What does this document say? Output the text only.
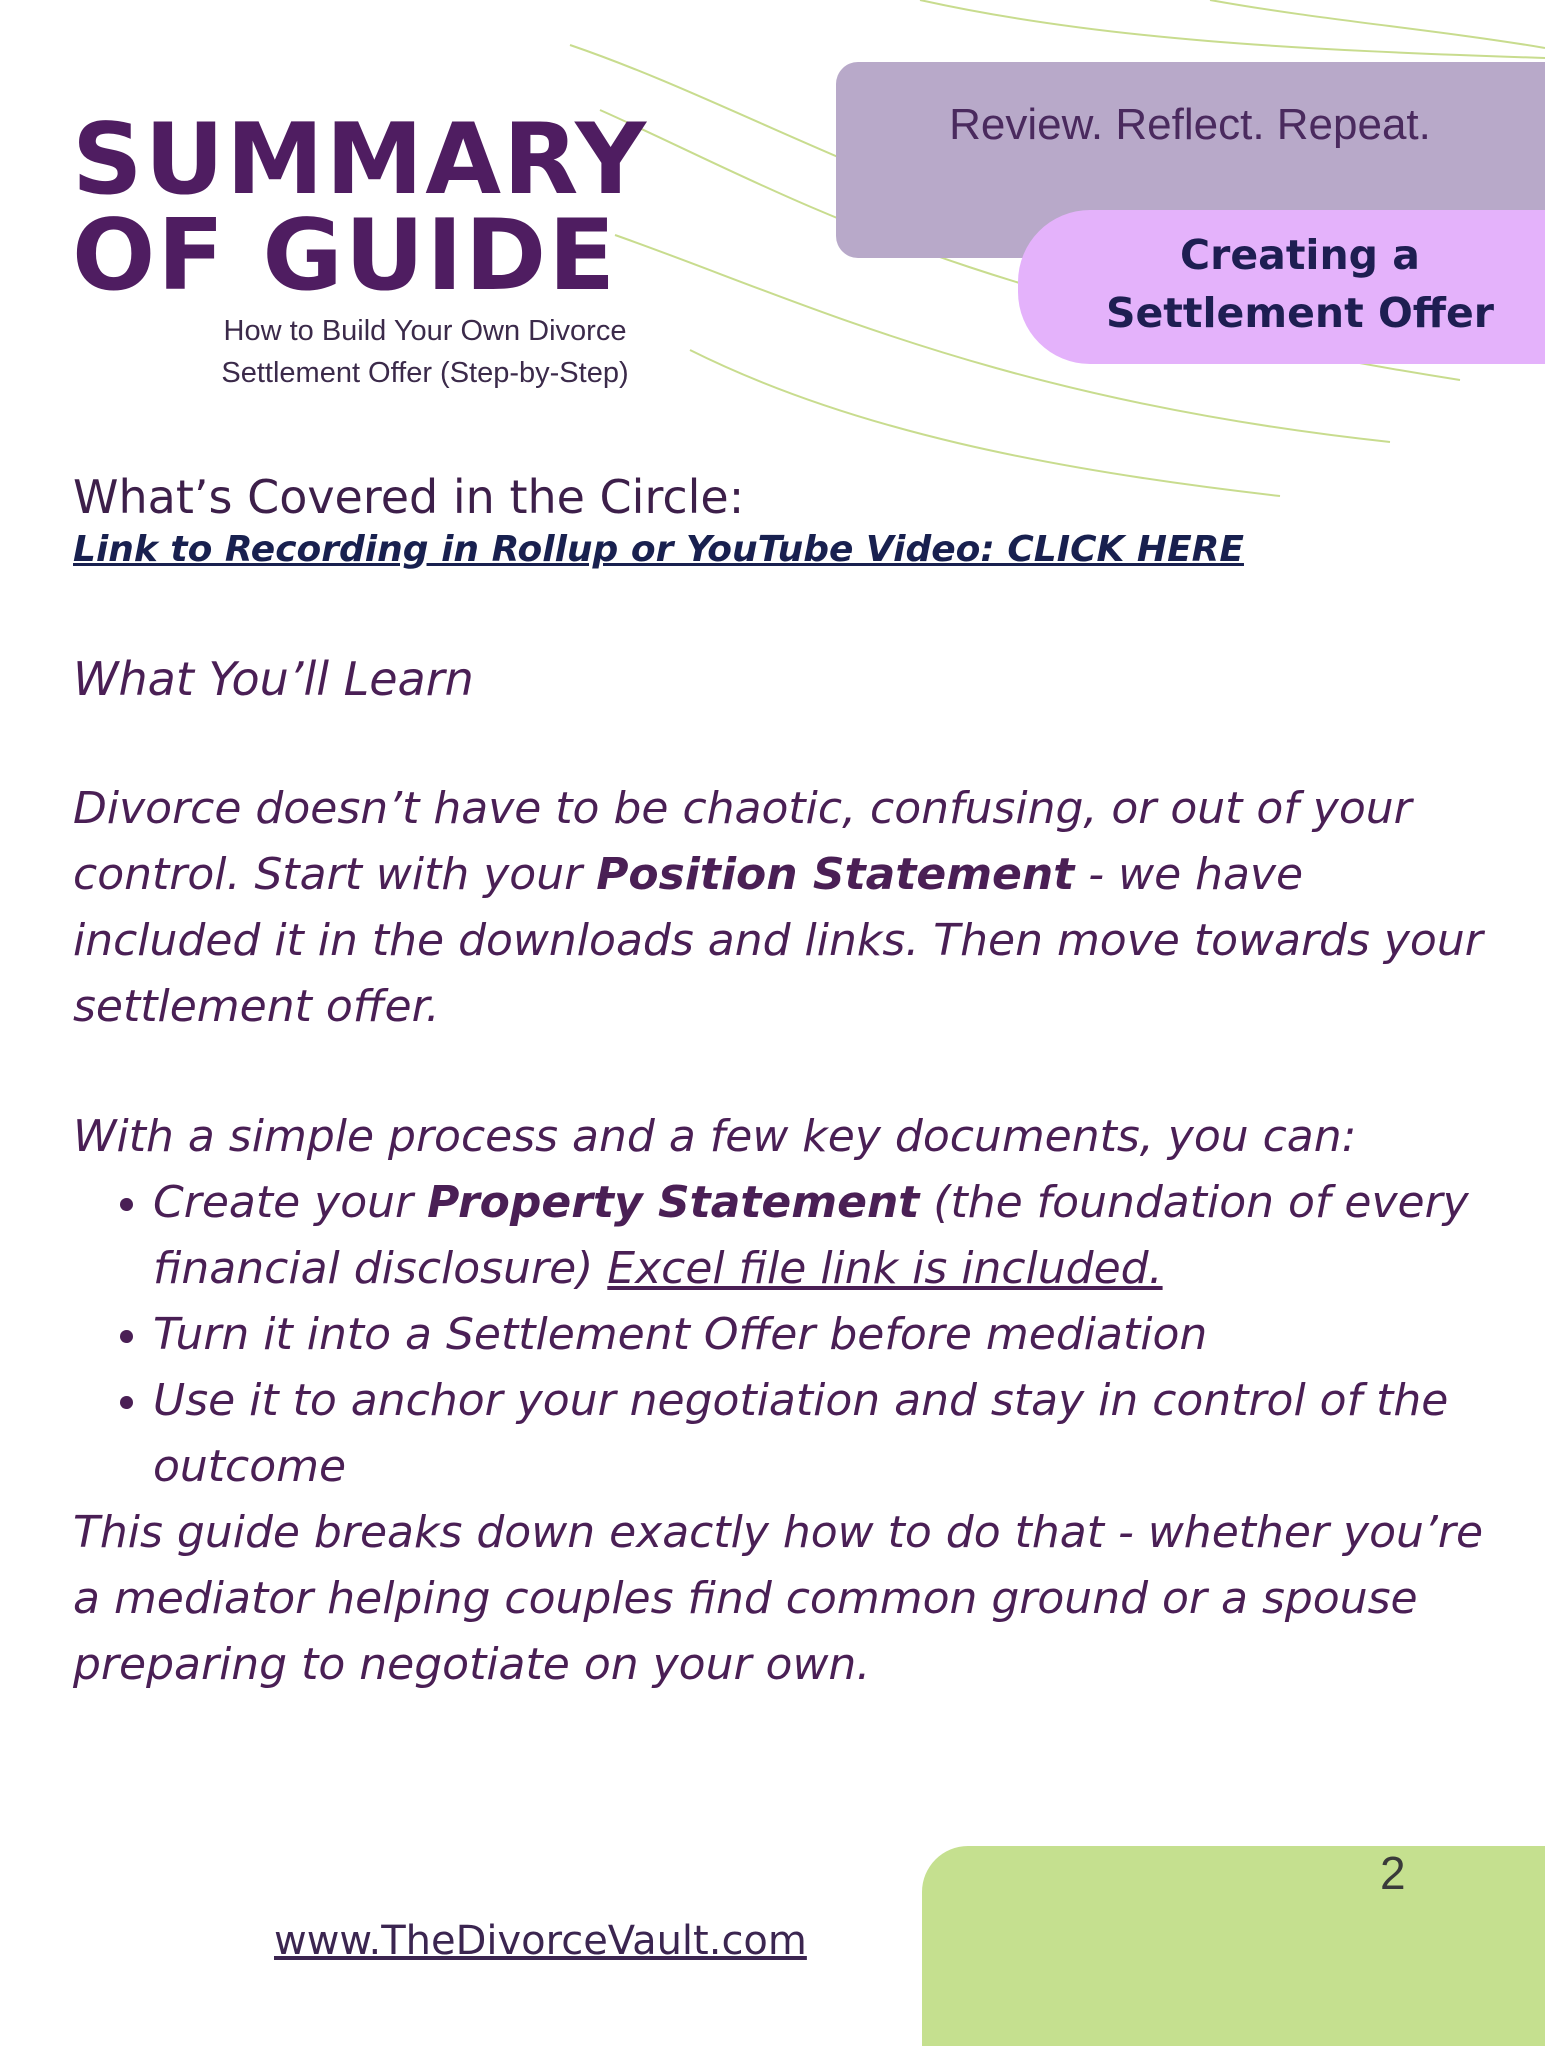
Review. Reflect. Repeat.
Creating a
Settlement Offer
SUMMARY
OF GUIDE
How to Build Your Own Divorce
Settlement Offer (Step-by-Step)

What’s Covered in the Circle:

Link to Recording in Rollup or YouTube Video: CLICK HERE
What You’ll Learn
Divorce doesn’t have to be chaotic, confusing, or out of your control. Start with your Position Statement - we have included it in the downloads and links. Then move towards your settlement offer.
With a simple process and a few key documents, you can:
• Create your Property Statement (the foundation of every financial disclosure) Excel file link is included.
• Turn it into a Settlement Offer before mediation
• Use it to anchor your negotiation and stay in control of the outcome
This guide breaks down exactly how to do that - whether you’re a mediator helping couples find common ground or a spouse preparing to negotiate on your own.
2
www.TheDivorceVault.com
